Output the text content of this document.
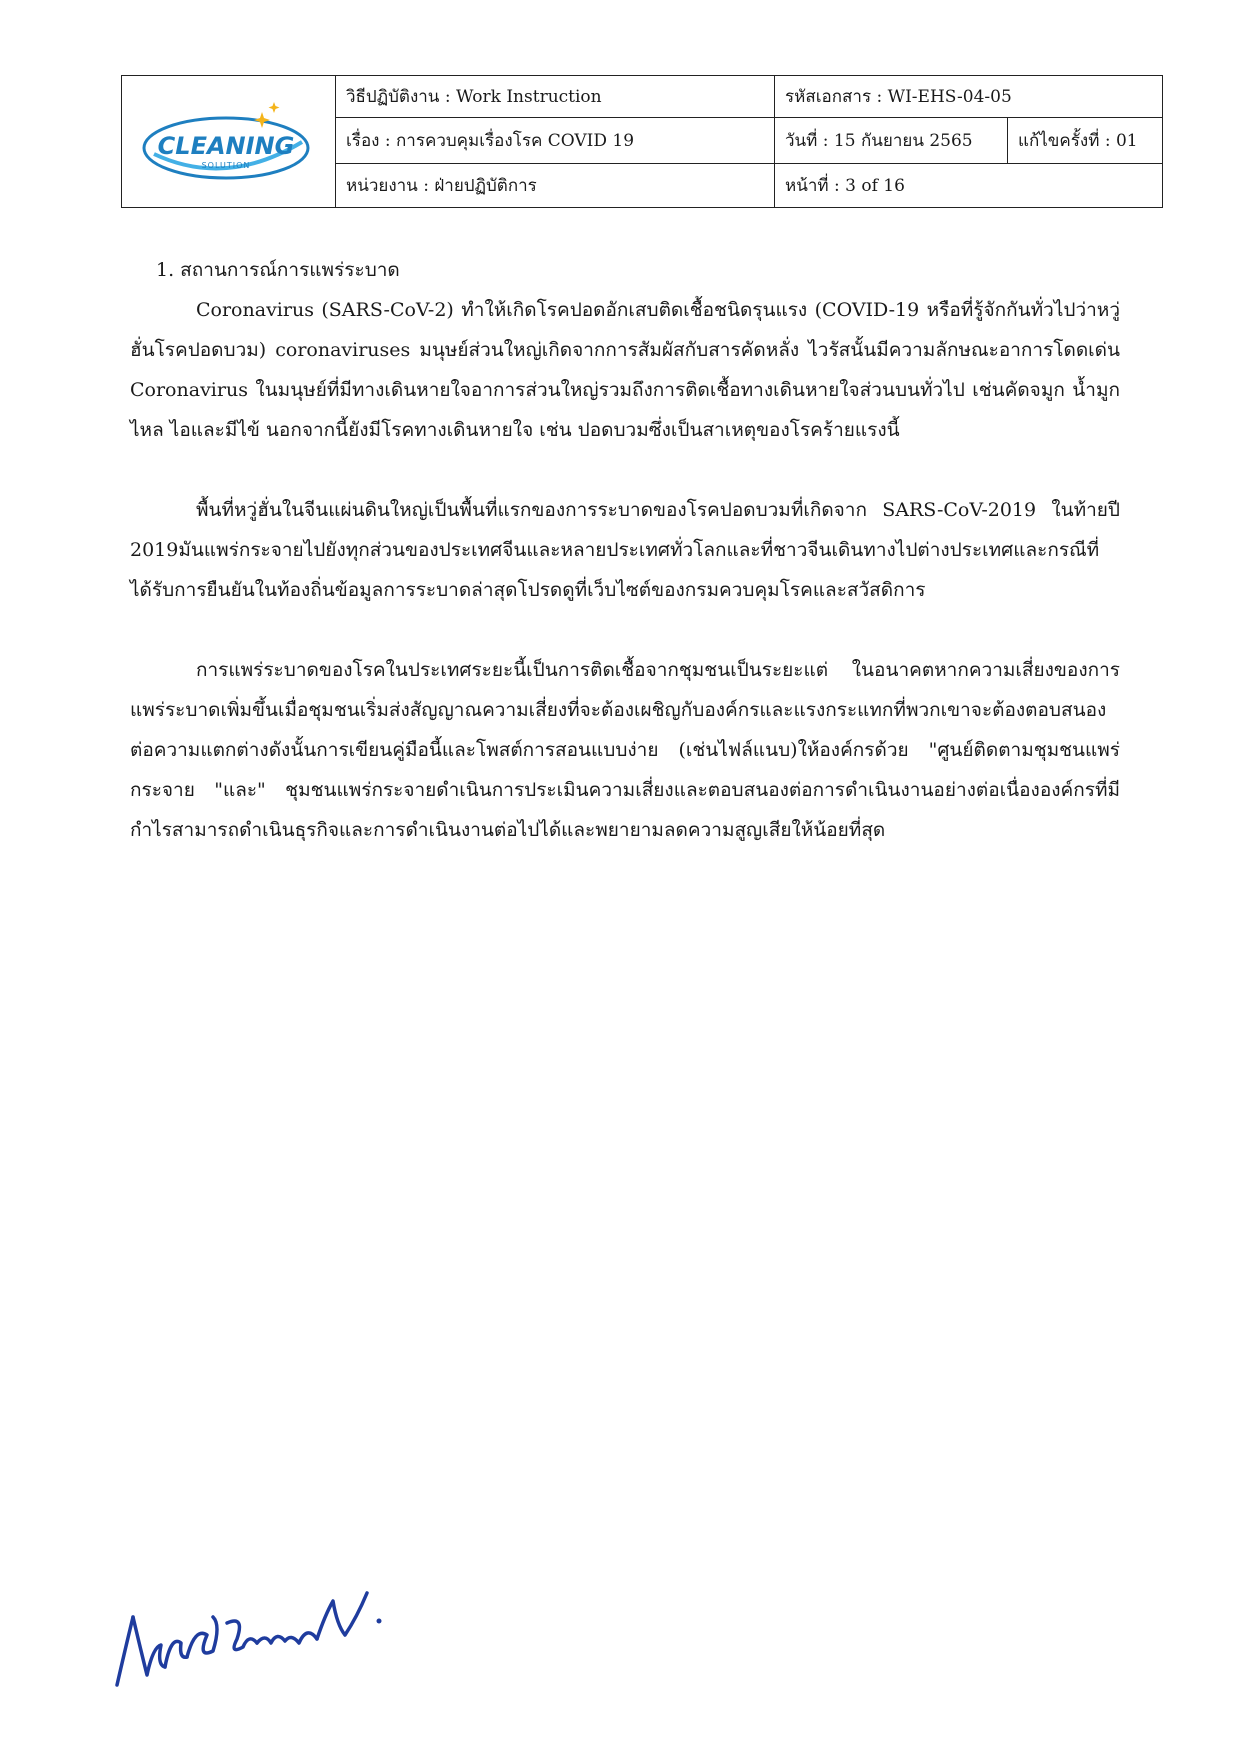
CLEANING
SOLUTION	วิธีปฏิบัติงาน : Work Instruction	รหัสเอกสาร : WI-EHS-04-05	
	เรื่อง : การควบคุมเรื่องโรค COVID 19	วันที่ : 15 กันยายน 2565	แก้ไขครั้งที่ : 01
	หน่วยงาน : ฝ่ายปฏิบัติการ	หน้าที่ : 3 of 16	

1. สถานการณ์การแพร่ระบาด

Coronavirus (SARS-CoV-2) ทำให้เกิดโรคปอดอักเสบติดเชื้อชนิดรุนแรง (COVID-19 หรือที่รู้จักกันทั่วไปว่าหวู่ฮั่นโรคปอดบวม) coronaviruses มนุษย์ส่วนใหญ่เกิดจากการสัมผัสกับสารคัดหลั่ง ไวรัสนั้นมีความลักษณะอาการโดดเด่น Coronavirus ในมนุษย์ที่มีทางเดินหายใจอาการส่วนใหญ่รวมถึงการติดเชื้อทางเดินหายใจส่วนบนทั่วไป เช่นคัดจมูก น้ำมูกไหล ไอและมีไข้ นอกจากนี้ยังมีโรคทางเดินหายใจ เช่น ปอดบวมซึ่งเป็นสาเหตุของโรคร้ายแรงนี้

พื้นที่หวู่ฮั่นในจีนแผ่นดินใหญ่เป็นพื้นที่แรกของการระบาดของโรคปอดบวมที่เกิดจาก SARS-CoV-2019 ในท้ายปี 2019มันแพร่กระจายไปยังทุกส่วนของประเทศจีนและหลายประเทศทั่วโลกและที่ชาวจีนเดินทางไปต่างประเทศและกรณีที่ได้รับการยืนยันในท้องถิ่นข้อมูลการระบาดล่าสุดโปรดดูที่เว็บไซต์ของกรมควบคุมโรคและสวัสดิการ

การแพร่ระบาดของโรคในประเทศระยะนี้เป็นการติดเชื้อจากชุมชนเป็นระยะแต่ ในอนาคตหากความเสี่ยงของการแพร่ระบาดเพิ่มขึ้นเมื่อชุมชนเริ่มส่งสัญญาณความเสี่ยงที่จะต้องเผชิญกับองค์กรและแรงกระแทกที่พวกเขาจะต้องตอบสนองต่อความแตกต่างดังนั้นการเขียนคู่มือนี้และโพสต์การสอนแบบง่าย (เช่นไฟล์แนบ)ให้องค์กรด้วย "ศูนย์ติดตามชุมชนแพร่กระจาย "และ" ชุมชนแพร่กระจายดำเนินการประเมินความเสี่ยงและตอบสนองต่อการดำเนินงานอย่างต่อเนื่ององค์กรที่มีกำไรสามารถดำเนินธุรกิจและการดำเนินงานต่อไปได้และพยายามลดความสูญเสียให้น้อยที่สุด
